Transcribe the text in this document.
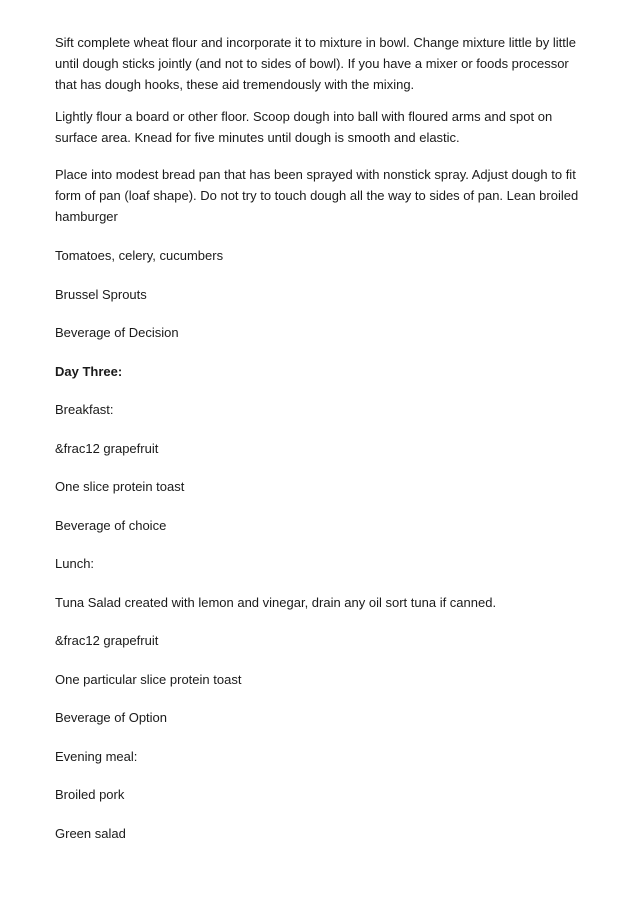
Sift complete wheat flour and incorporate it to mixture in bowl. Change mixture little by little
until dough sticks jointly (and not to sides of bowl). If you have a mixer or foods processor
that has dough hooks, these aid tremendously with the mixing.

Lightly flour a board or other floor. Scoop dough into ball with floured arms and spot on
surface area. Knead for five minutes until dough is smooth and elastic.

Place into modest bread pan that has been sprayed with nonstick spray. Adjust dough to fit
form of pan (loaf shape). Do not try to touch dough all the way to sides of pan. Lean broiled
hamburger

Tomatoes, celery, cucumbers

Brussel Sprouts

Beverage of Decision

Day Three:

Breakfast:

&frac12 grapefruit

One slice protein toast

Beverage of choice

Lunch:

Tuna Salad created with lemon and vinegar, drain any oil sort tuna if canned.

&frac12 grapefruit

One particular slice protein toast

Beverage of Option

Evening meal:

Broiled pork

Green salad
